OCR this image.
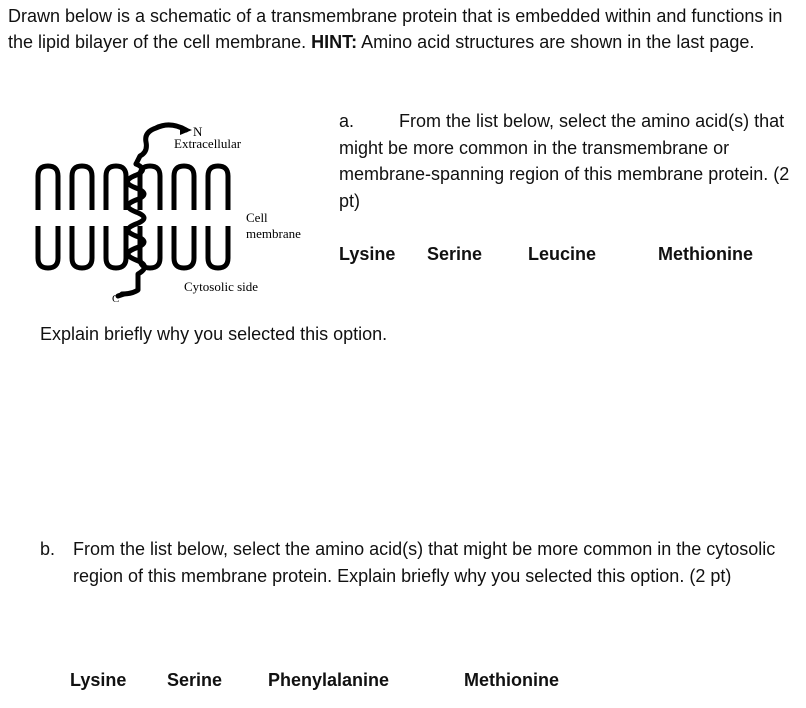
Drawn below is a schematic of a transmembrane protein that is embedded within and functions in the lipid bilayer of the cell membrane. HINT: Amino acid structures are shown in the last page.

N
Extracellular
Cell
membrane
Cytosolic side
C
a.	From the list below, select the amino acid(s) that might be more common in the transmembrane or membrane-spanning region of this membrane protein. (2 pt)

Lysine Serine	Leucine	Methionine

Explain briefly why you selected this option.

b. From the list below, select the amino acid(s) that might be more common in the cytosolic region of this membrane protein. Explain briefly why you selected this option. (2 pt)

Lysine Serine	Phenylalanine	Methionine
